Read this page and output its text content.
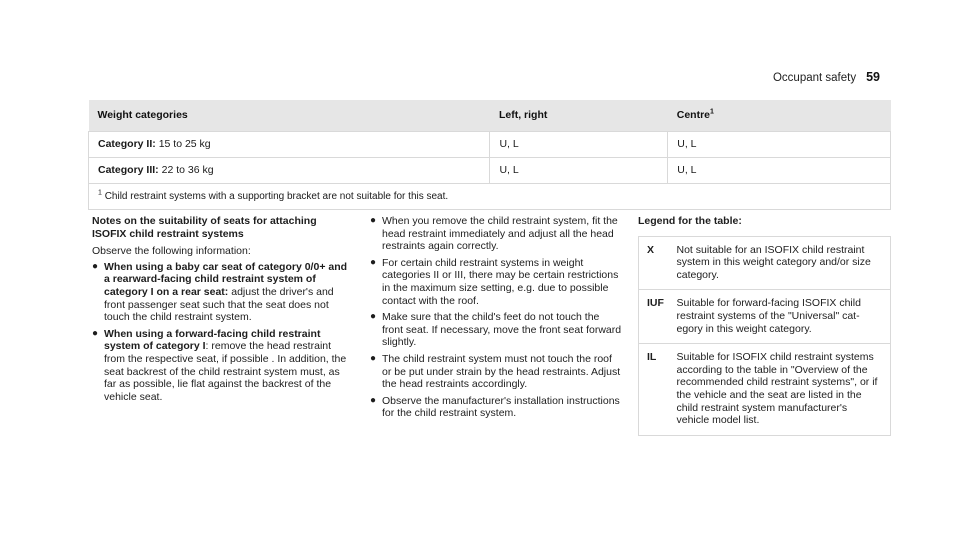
Occupant safety 59
Weight categories	Left, right	Centre$^1$
Category II: 15 to 25 kg	U, L	U, L
Category III: 22 to 36 kg	U, L	U, L
$^1$ Child restraint systems with a supporting bracket are not suitable for this seat.		
Notes on the suitability of seats for attaching ISOFIX child restraint systems
Observe the following information:
● When using a baby car seat of category 0/0+ and a rearward-facing child restraint system of category I on a rear seat: adjust the driver's and front passenger seat such that the seat does not touch the child restraint system.
● When using a forward-facing child restraint system of category I: remove the head restraint from the respective seat, if possible . In addition, the seat backrest of the child restraint system must, as far as possible, lie flat against the backrest of the vehicle seat.
● When you remove the child restraint system, fit the head restraint immediately and adjust all the head restraints again correctly.
● For certain child restraint systems in weight categories II or III, there may be certain restrictions in the maximum size setting, e.g. due to possible contact with the roof.
● Make sure that the child's feet do not touch the front seat. If necessary, move the front seat forward slightly.
● The child restraint system must not touch the roof or be put under strain by the head restraints. Adjust the head restraints accordingly.
● Observe the manufacturer's installation instructions for the child restraint system.
Legend for the table:
X	Not suitable for an ISOFIX child restraint system in this weight category and/or size category.
IUF	Suitable for forward-facing ISOFIX child restraint systems of the "Universal" category in this weight category.
IL	Suitable for ISOFIX child restraint systems according to the table in "Overview of the recommended child restraint systems", or if the vehicle and the seat are listed in the child restraint system manufacturer's vehicle model list.
